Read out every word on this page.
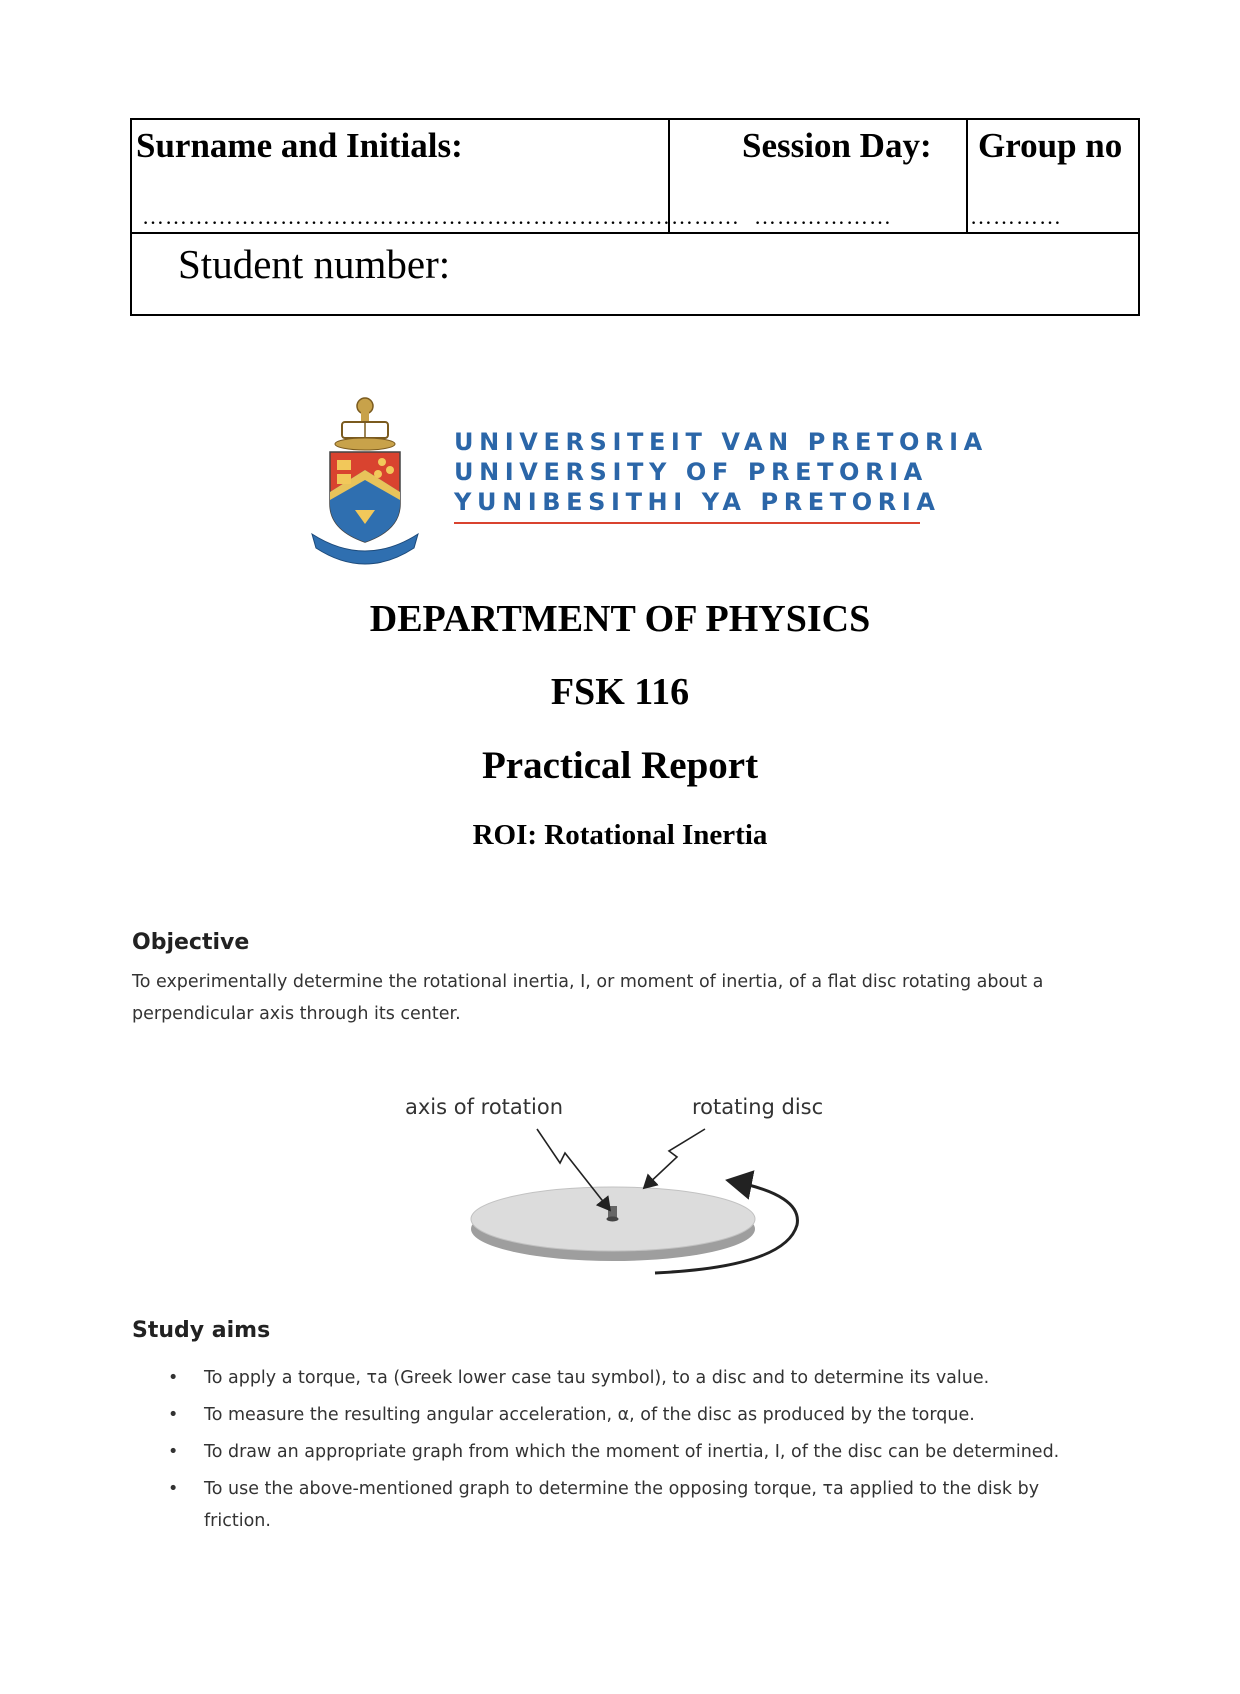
Surname and Initials:
……………………………………………………………………

Session Day:
………………

Group no
…………

Student number:
UNIVERSITEIT VAN PRETORIA
UNIVERSITY OF PRETORIA
YUNIBESITHI YA PRETORIA
DEPARTMENT OF PHYSICS
FSK 116
Practical Report
ROI: Rotational Inertia
Objective
To experimentally determine the rotational inertia, I, or moment of inertia, of a flat disc rotating about a
perpendicular axis through its center.
axis of rotation	rotating disc
Study aims
• To apply a torque, τa (Greek lower case tau symbol), to a disc and to determine its value.
• To measure the resulting angular acceleration, α, of the disc as produced by the torque.
• To draw an appropriate graph from which the moment of inertia, I, of the disc can be determined.
• To use the above-mentioned graph to determine the opposing torque, τa applied to the disk by friction.
